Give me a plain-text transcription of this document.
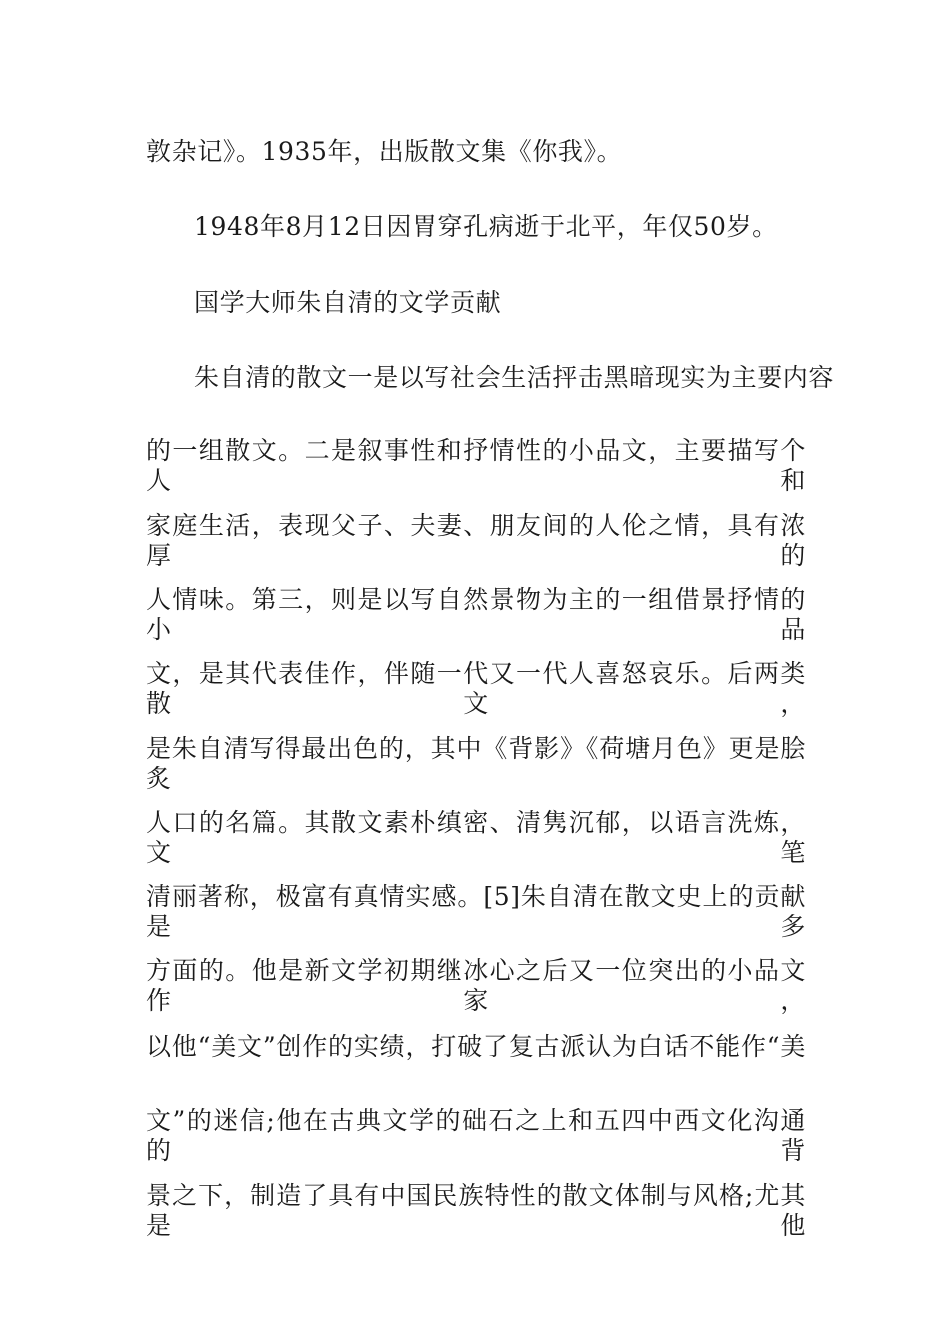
敦杂记》。1935年，出版散文集《你我》。
1948年8月12日因胃穿孔病逝于北平，年仅50岁。
国学大师朱自清的文学贡献
朱自清的散文一是以写社会生活抨击黑暗现实为主要内容
的一组散文。二是叙事性和抒情性的小品文，主要描写个人和
家庭生活，表现父子、夫妻、朋友间的人伦之情，具有浓厚的
人情味。第三，则是以写自然景物为主的一组借景抒情的小品
文，是其代表佳作，伴随一代又一代人喜怒哀乐。后两类散文，
是朱自清写得最出色的，其中《背影》《荷塘月色》更是脍炙
人口的名篇。其散文素朴缜密、清隽沉郁，以语言洗炼，文笔
清丽著称，极富有真情实感。[5]朱自清在散文史上的贡献是多
方面的。他是新文学初期继冰心之后又一位突出的小品文作家，
以他“美文”创作的实绩，打破了复古派认为白话不能作“美
文”的迷信;他在古典文学的础石之上和五四中西文化沟通的背
景之下，制造了具有中国民族特性的散文体制与风格;尤其是他
